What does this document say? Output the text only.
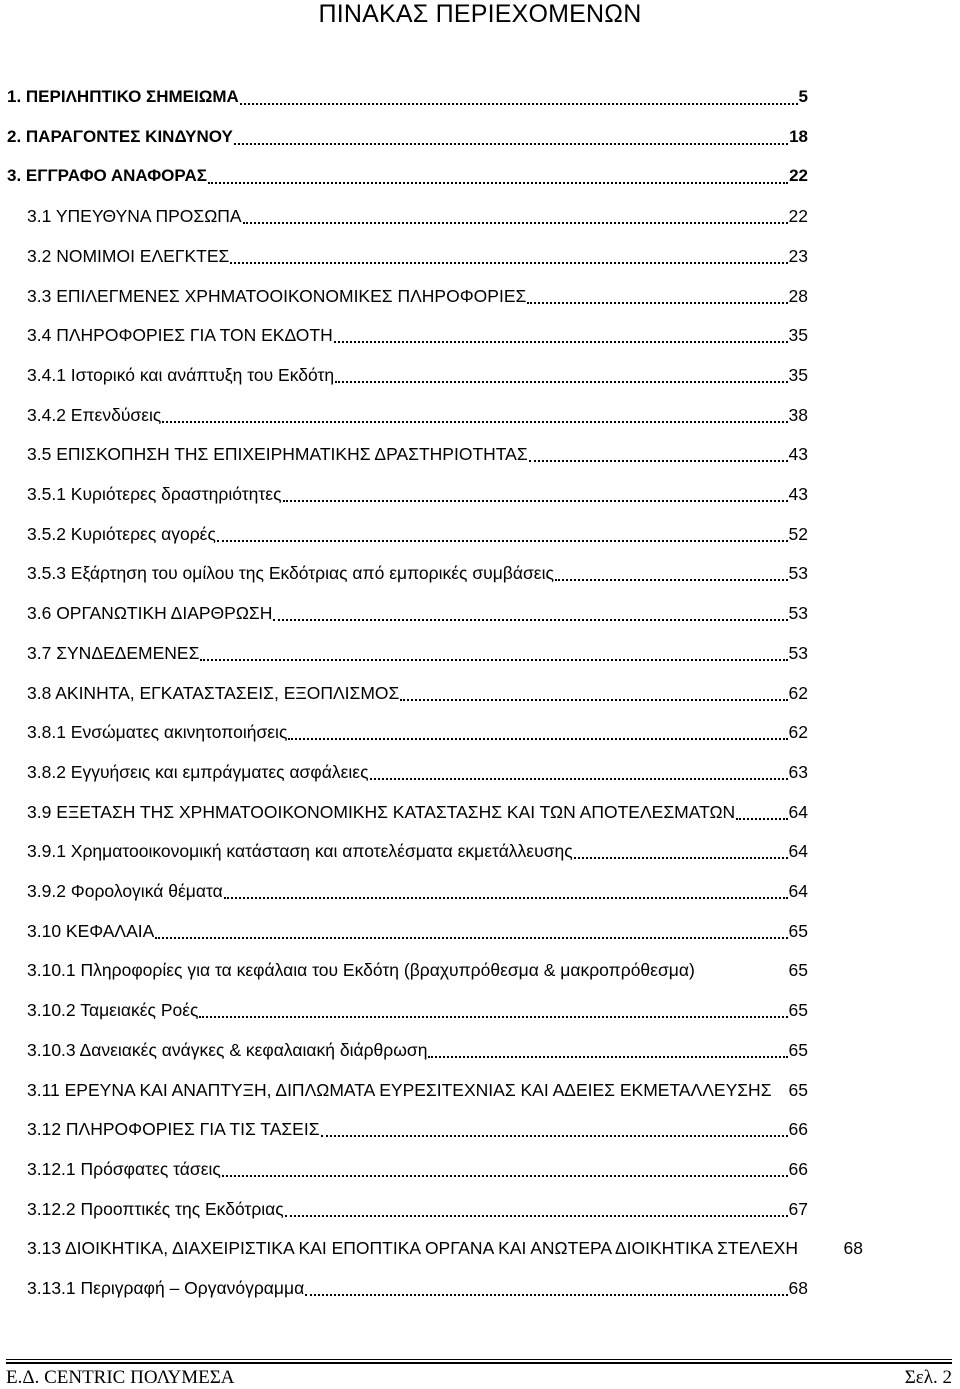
ΠΙΝΑΚΑΣ ΠΕΡΙΕΧΟΜΕΝΩΝ
1. ΠΕΡΙΛΗΠΤΙΚΟ ΣΗΜΕΙΩΜΑ	5
2. ΠΑΡΑΓΟΝΤΕΣ ΚΙΝΔΥΝΟΥ	18
3. ΕΓΓΡΑΦΟ ΑΝΑΦΟΡΑΣ	22
3.1 ΥΠΕΥΘΥΝΑ ΠΡΟΣΩΠΑ	22
3.2 ΝΟΜΙΜΟΙ ΕΛΕΓΚΤΕΣ	23
3.3 ΕΠΙΛΕΓΜΕΝΕΣ ΧΡΗΜΑΤΟΟΙΚΟΝΟΜΙΚΕΣ ΠΛΗΡΟΦΟΡΙΕΣ	28
3.4 ΠΛΗΡΟΦΟΡΙΕΣ ΓΙΑ ΤΟΝ ΕΚΔΟΤΗ	35
3.4.1 Ιστορικό και ανάπτυξη του Εκδότη	35
3.4.2 Επενδύσεις	38
3.5 ΕΠΙΣΚΟΠΗΣΗ ΤΗΣ ΕΠΙΧΕΙΡΗΜΑΤΙΚΗΣ ΔΡΑΣΤΗΡΙΟΤΗΤΑΣ	43
3.5.1 Κυριότερες δραστηριότητες	43
3.5.2 Κυριότερες αγορές	52
3.5.3 Εξάρτηση του ομίλου της Εκδότριας από εμπορικές συμβάσεις	53
3.6 ΟΡΓΑΝΩΤΙΚΗ ΔΙΑΡΘΡΩΣΗ	53
3.7 ΣΥΝΔΕΔΕΜΕΝΕΣ	53
3.8 ΑΚΙΝΗΤΑ, ΕΓΚΑΤΑΣΤΑΣΕΙΣ, ΕΞΟΠΛΙΣΜΟΣ	62
3.8.1 Ενσώματες ακινητοποιήσεις	62
3.8.2 Εγγυήσεις και εμπράγματες ασφάλειες	63
3.9 ΕΞΕΤΑΣΗ ΤΗΣ ΧΡΗΜΑΤΟΟΙΚΟΝΟΜΙΚΗΣ ΚΑΤΑΣΤΑΣΗΣ ΚΑΙ ΤΩΝ ΑΠΟΤΕΛΕΣΜΑΤΩΝ	64
3.9.1 Χρηματοοικονομική κατάσταση και αποτελέσματα εκμετάλλευσης	64
3.9.2 Φορολογικά θέματα	64
3.10 ΚΕΦΑΛΑΙΑ	65
3.10.1 Πληροφορίες για τα κεφάλαια του Εκδότη (βραχυπρόθεσμα & μακροπρόθεσμα)	65
3.10.2 Ταμειακές Ροές	65
3.10.3 Δανειακές ανάγκες & κεφαλαιακή διάρθρωση	65
3.11 ΕΡΕΥΝΑ ΚΑΙ ΑΝΑΠΤΥΞΗ, ΔΙΠΛΩΜΑΤΑ ΕΥΡΕΣΙΤΕΧΝΙΑΣ ΚΑΙ ΑΔΕΙΕΣ ΕΚΜΕΤΑΛΛΕΥΣΗΣ 65
3.12 ΠΛΗΡΟΦΟΡΙΕΣ ΓΙΑ ΤΙΣ ΤΑΣΕΙΣ	66
3.12.1 Πρόσφατες τάσεις	66
3.12.2 Προοπτικές της Εκδότριας	67
3.13 ΔΙΟΙΚΗΤΙΚΑ, ΔΙΑΧΕΙΡΙΣΤΙΚΑ ΚΑΙ ΕΠΟΠΤΙΚΑ ΟΡΓΑΝΑ ΚΑΙ ΑΝΩΤΕΡΑ ΔΙΟΙΚΗΤΙΚΑ ΣΤΕΛΕΧΗ	68
3.13.1 Περιγραφή – Οργανόγραμμα	68
Ε.Δ. CENTRIC ΠΟΛΥΜΕΣΑ	Σελ. 2
